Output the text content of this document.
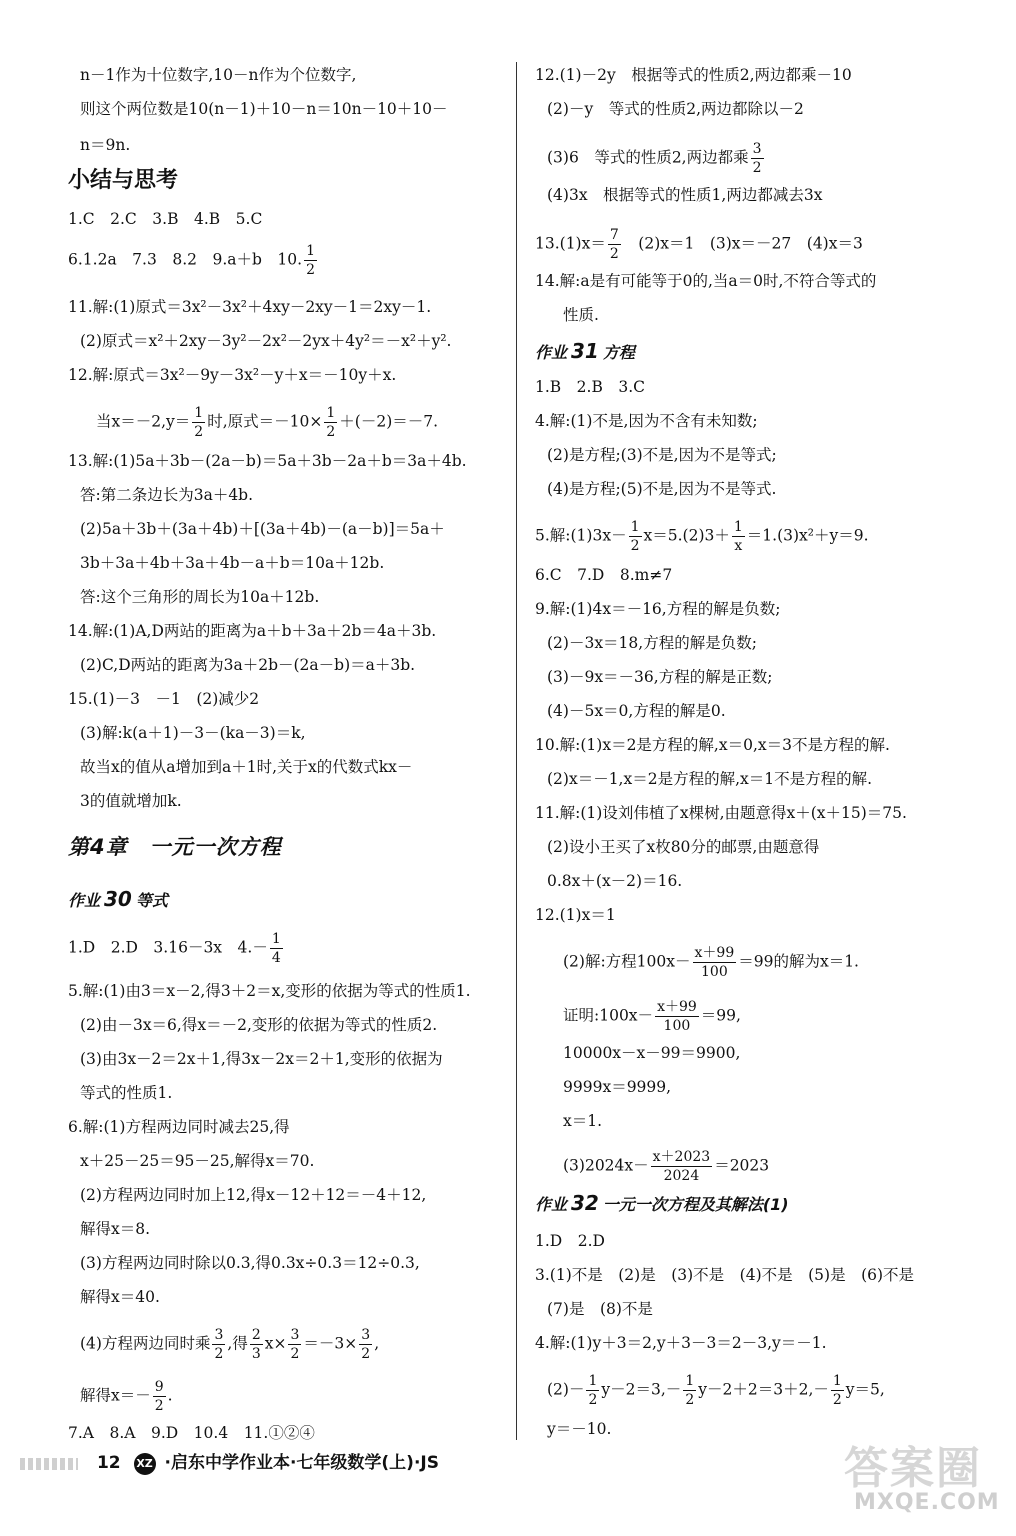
n－1作为十位数字,10－n作为个位数字,
则这个两位数是10(n－1)＋10－n＝10n－10＋10－
n＝9n.
小结与思考
1.C　2.C　3.B　4.B　5.C
6.1.2a　7.3　8.2　9.a＋b　10. $\frac{1}{2}$
11.解:(1)原式＝3x²－3x²＋4xy－2xy－1＝2xy－1.
(2)原式＝x²＋2xy－3y²－2x²－2yx＋4y²＝－x²＋y².
12.解:原式＝3x²－9y－3x²－y＋x＝－10y＋x.
当$x=-2,y= \frac{1}{2}$ 时,原式$=-10\times \frac{1}{2} +(-2)=-7$.
13.解:(1)5a＋3b－(2a－b)＝5a＋3b－2a＋b＝3a＋4b.
答:第二条边长为3a＋4b.
(2)5a＋3b＋(3a＋4b)＋[(3a＋4b)－(a－b)]＝5a＋
3b＋3a＋4b＋3a＋4b－a＋b＝10a＋12b.
答:这个三角形的周长为10a＋12b.
14.解:(1)A,D两站的距离为a＋b＋3a＋2b＝4a＋3b.
(2)C,D两站的距离为3a＋2b－(2a－b)＝a＋3b.
15.(1)－3　－1　(2)减少2
(3)解:k(a＋1)－3－(ka－3)＝k,
故当x的值从a增加到a＋1时,关于x的代数式kx－
3的值就增加k.
第4章　一元一次方程
作业 30 等式
1.D　2.D　3.16－3x　$4.- \frac{1}{4}$
5.解:(1)由3＝x－2,得3＋2＝x,变形的依据为等式的性质1.
(2)由－3x＝6,得x＝－2,变形的依据为等式的性质2.
(3)由3x－2＝2x＋1,得3x－2x＝2＋1,变形的依据为
等式的性质1.
6.解:(1)方程两边同时减去25,得
x＋25－25＝95－25,解得x＝70.
(2)方程两边同时加上12,得x－12＋12＝－4＋12,
解得x＝8.
(3)方程两边同时除以0.3,得0.3x÷0.3＝12÷0.3,
解得x＝40.
(4)方程两边同时乘 $\frac{3}{2}$ ,得 $\frac{2}{3} x\times \frac{3}{2} =-3\times \frac{3}{2}$ ,
解得$x=- \frac{9}{2}$ .
7.A　8.A　9.D　10.4　11.①②④
12.(1)－2y　根据等式的性质2,两边都乘－10
(2)－y　等式的性质2,两边都除以－2
(3)6　等式的性质2,两边都乘 $\frac{3}{2}$
(4)3x　根据等式的性质1,两边都减去3x
$13.(1)x= \frac{7}{2}$
　 (2)x＝1　(3)x＝－27　(4)x＝3
14.解:a是有可能等于0的,当a＝0时,不符合等式的
性质.
作业 31 方程
1.B　2.B　3.C
4.解:(1)不是,因为不含有未知数;
(2)是方程;(3)不是,因为不是等式;
(4)是方程;(5)不是,因为不是等式.
5.解:(1)3x－ $\frac{1}{2} x=5.(2)3+ \frac{1}{x} =1.(3)x^2+y=9$.
6.C　7.D　8.m≠7
9.解:(1)4x＝－16,方程的解是负数;
(2)－3x＝18,方程的解是负数;
(3)－9x＝－36,方程的解是正数;
(4)－5x＝0,方程的解是0.
10.解:(1)x＝2是方程的解,x＝0,x＝3不是方程的解.
(2)x＝－1,x＝2是方程的解,x＝1不是方程的解.
11.解:(1)设刘伟植了x棵树,由题意得x＋(x＋15)＝75.
(2)设小王买了x枚80分的邮票,由题意得
0.8x＋(x－2)＝16.
12.(1)x＝1
(2)解:方程$100x- \frac{x+99}{100} =99$的解为x＝1.
证明:100x－ $\frac{x+99}{100} =99$,
10000x－x－99＝9900,
9999x＝9999,
x＝1.
$(3)2024x- \frac{x+2023}{2024} =2023$
作业 32 一元一次方程及其解法(1)
1.D　2.D
3.(1)不是　(2)是　(3)不是　(4)不是　(5)是　(6)不是
(7)是　(8)不是
4.解:(1)y＋3＝2,y＋3－3＝2－3,y＝－1.
$(2)- \frac{1}{2} y-2=3,- \frac{1}{2} y-2+2=3+2,- \frac{1}{2} y=5$,
y＝－10.
12 XZ ·启东中学作业本·七年级数学(上)·JS	答案圈
MXQE.COM
